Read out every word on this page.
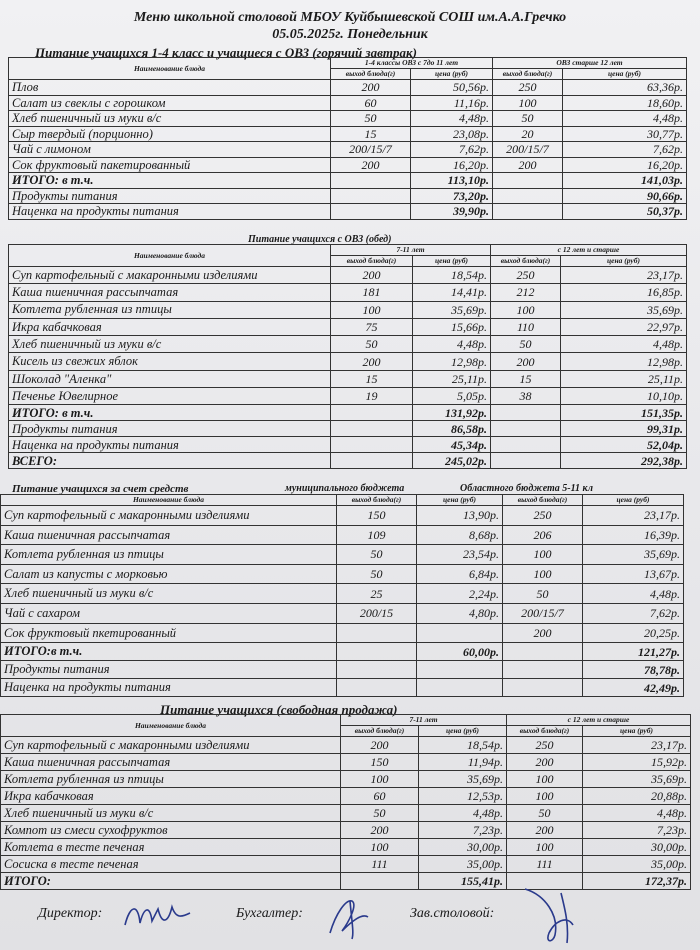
Меню школьной столовой МБОУ Куйбышевской СОШ им.А.А.Гречко
05.05.2025г. Понедельник
Питание учащихся 1-4 класс и учащиеся с ОВЗ (горячий завтрак)
Наименование блюда	1-4 классы ОВЗ с 7до 11 лет		ОВЗ старше 12 лет	
	выход блюда(г)	цена (руб)	выход блюда(г)	цена (руб)
Плов	200	50,56р.	250	63,36р.
Салат из свеклы с горошком	60	11,16р.	100	18,60р.
Хлеб пшеничный из муки в/с	50	4,48р.	50	4,48р.
Сыр твердый (порционно)	15	23,08р.	20	30,77р.
Чай с лимоном	200/15/7	7,62р.	200/15/7	7,62р.
Сок фруктовый пакетированный	200	16,20р.	200	16,20р.
ИТОГО: в т.ч.		113,10р.		141,03р.
Продукты питания		73,20р.		90,66р.
Наценка на продукты питания		39,90р.		50,37р.
Питание учащихся с ОВЗ (обед)
Наименование блюда	7-11 лет		с 12 лет и старше	
	выход блюда(г)	цена (руб)	выход блюда(г)	цена (руб)
Суп картофельный с макаронными изделиями	200	18,54р.	250	23,17р.
Каша пшеничная рассыпчатая	181	14,41р.	212	16,85р.
Котлета рубленная из птицы	100	35,69р.	100	35,69р.
Икра кабачковая	75	15,66р.	110	22,97р.
Хлеб пшеничный из муки в/с	50	4,48р.	50	4,48р.
Кисель из свежих яблок	200	12,98р.	200	12,98р.
Шоколад "Аленка"	15	25,11р.	15	25,11р.
Печенье Ювелирное	19	5,05р.	38	10,10р.
ИТОГО: в т.ч.		131,92р.		151,35р.
Продукты питания		86,58р.		99,31р.
Наценка на продукты питания		45,34р.		52,04р.
ВСЕГО:		245,02р.		292,38р.
Питание учащихся за счет средств	муниципального бюджета	Областного бюджета 5-11 кл
Наименование блюда	выход блюда(г)	цена (руб)	выход блюда(г)	цена (руб)
Суп картофельный с макаронными изделиями	150	13,90р.	250	23,17р.
Каша пшеничная рассыпчатая	109	8,68р.	206	16,39р.
Котлета рубленная из птицы	50	23,54р.	100	35,69р.
Салат из капусты с морковью	50	6,84р.	100	13,67р.
Хлеб пшеничный из муки в/с	25	2,24р.	50	4,48р.
Чай с сахаром	200/15	4,80р.	200/15/7	7,62р.
Сок фруктовый пкетированный			200	20,25р.
ИТОГО:в т.ч.		60,00р.		121,27р.
Продукты питания				78,78р.
Наценка на продукты питания				42,49р.
Питание учащихся (свободная продажа)
Наименование блюда	7-11 лет		с 12 лет и старше	
	выход блюда(г)	цена (руб)	выход блюда(г)	цена (руб)
Суп картофельный с макаронными изделиями	200	18,54р.	250	23,17р.
Каша пшеничная рассыпчатая	150	11,94р.	200	15,92р.
Котлета рубленная из птицы	100	35,69р.	100	35,69р.
Икра кабачковая	60	12,53р.	100	20,88р.
Хлеб пшеничный из муки в/с	50	4,48р.	50	4,48р.
Компот из смеси сухофруктов	200	7,23р.	200	7,23р.
Котлета в тесте печеная	100	30,00р.	100	30,00р.
Сосиска в тесте печеная	111	35,00р.	111	35,00р.
ИТОГО:		155,41р.		172,37р.
Директор:	Бухгалтер:	Зав.столовой:
